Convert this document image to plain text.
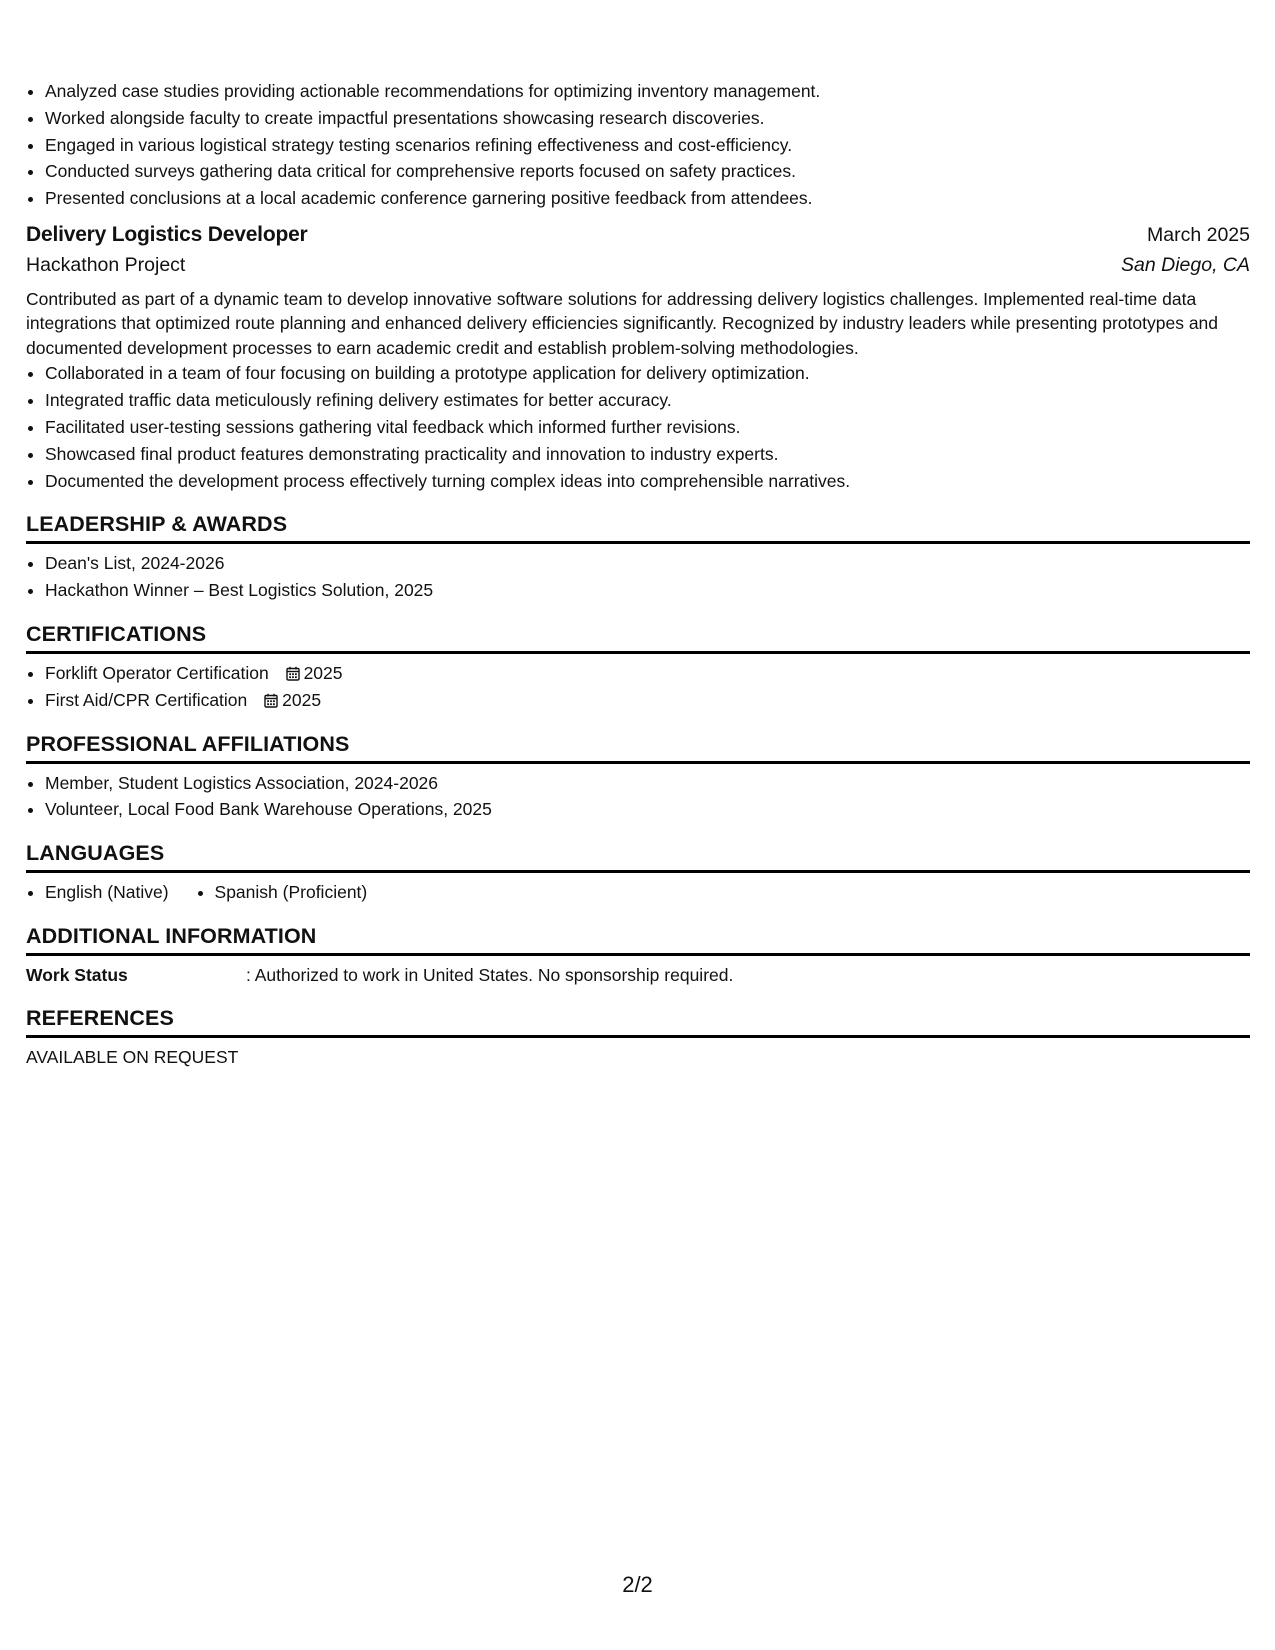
• Analyzed case studies providing actionable recommendations for optimizing inventory management.
• Worked alongside faculty to create impactful presentations showcasing research discoveries.
• Engaged in various logistical strategy testing scenarios refining effectiveness and cost-efficiency.
• Conducted surveys gathering data critical for comprehensive reports focused on safety practices.
• Presented conclusions at a local academic conference garnering positive feedback from attendees.
Delivery Logistics Developer	March 2025
Hackathon Project	San Diego, CA

Contributed as part of a dynamic team to develop innovative software solutions for addressing delivery logistics challenges. Implemented real-time data integrations that optimized route planning and enhanced delivery efficiencies significantly. Recognized by industry leaders while presenting prototypes and documented development processes to earn academic credit and establish problem-solving methodologies.

• Collaborated in a team of four focusing on building a prototype application for delivery optimization.
• Integrated traffic data meticulously refining delivery estimates for better accuracy.
• Facilitated user-testing sessions gathering vital feedback which informed further revisions.
• Showcased final product features demonstrating practicality and innovation to industry experts.
• Documented the development process effectively turning complex ideas into comprehensible narratives.
LEADERSHIP & AWARDS
• Dean's List, 2024-2026
• Hackathon Winner – Best Logistics Solution, 2025
CERTIFICATIONS
• Forklift Operator Certification 2025
• First Aid/CPR Certification 2025
PROFESSIONAL AFFILIATIONS
• Member, Student Logistics Association, 2024-2026
• Volunteer, Local Food Bank Warehouse Operations, 2025
LANGUAGES
• English (Native)
•	Spanish (Proficient)
ADDITIONAL INFORMATION
Work Status	: Authorized to work in United States. No sponsorship required.
REFERENCES
AVAILABLE ON REQUEST
2/2
